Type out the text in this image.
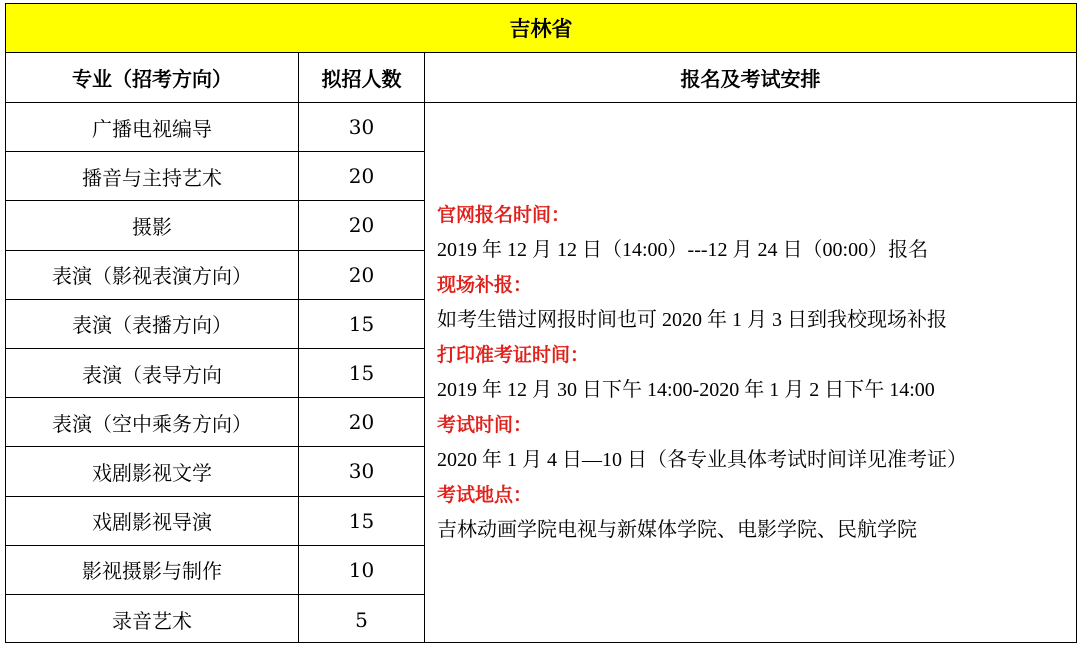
吉林省
专业（招考方向）	拟招人数	报名及考试安排
广播电视编导	30
播音与主持艺术	20
摄影	20
表演（影视表演方向）	20
表演（表播方向）	15
表演（表导方向	15
表演（空中乘务方向）	20
戏剧影视文学	30
戏剧影视导演	15
影视摄影与制作	10
录音艺术	5
官网报名时间：
2019 年 12 月 12 日（14:00）---12 月 24 日（00:00）报名
现场补报：
如考生错过网报时间也可 2020 年 1 月 3 日到我校现场补报
打印准考证时间：
2019 年 12 月 30 日下午 14:00-2020 年 1 月 2 日下午 14:00
考试时间：
2020 年 1 月 4 日—10 日（各专业具体考试时间详见准考证）
考试地点：
吉林动画学院电视与新媒体学院、电影学院、民航学院
